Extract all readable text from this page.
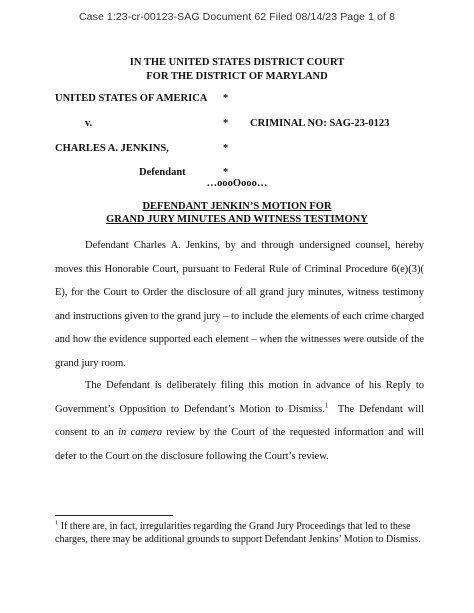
Case 1:23-cr-00123-SAG Document 62 Filed 08/14/23 Page 1 of 8
IN THE UNITED STATES DISTRICT COURT
FOR THE DISTRICT OF MARYLAND
UNITED STATES OF AMERICA *
v.	* CRIMINAL NO: SAG-23-0123
CHARLES A. JENKINS,	*
Defendant	*
…oooOooo…
DEFENDANT JENKIN’S MOTION FOR
GRAND JURY MINUTES AND WITNESS TESTIMONY
Defendant Charles A. Jenkins, by and through undersigned counsel, hereby moves this Honorable Court, pursuant to Federal Rule of Criminal Procedure 6(e)(3)( E), for the Court to Order the disclosure of all grand jury minutes, witness testimony and instructions given to the grand jury – to include the elements of each crime charged and how the evidence supported each element – when the witnesses were outside of the grand jury room.
The Defendant is deliberately filing this motion in advance of his Reply to Government’s Opposition to Defendant’s Motion to Dismiss.$^1$  The Defendant will consent to an in camera review by the Court of the requested information and will defer to the Court on the disclosure following the Court’s review.
$^1$ If there are, in fact, irregularities regarding the Grand Jury Proceedings that led to these charges, there may be additional grounds to support Defendant Jenkins’ Motion to Dismiss.
